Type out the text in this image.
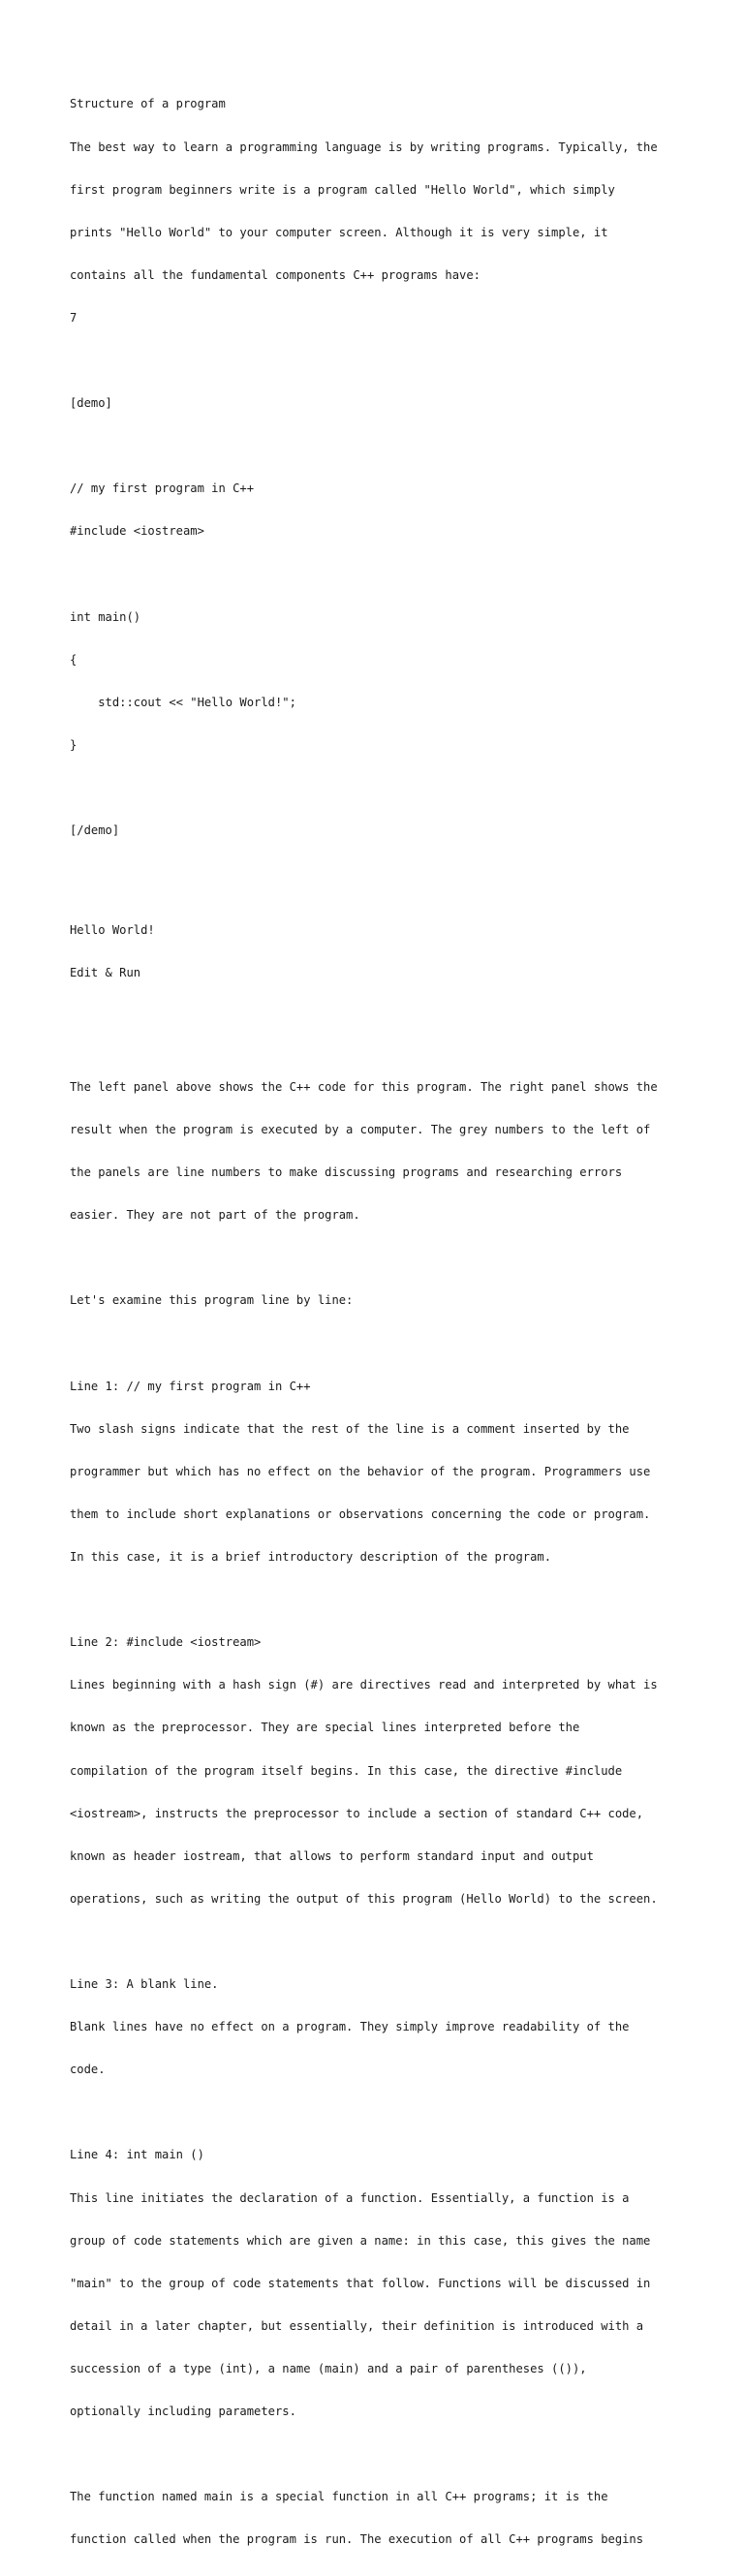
Structure of a program

The best way to learn a programming language is by writing programs. Typically, the

first program beginners write is a program called "Hello World", which simply

prints "Hello World" to your computer screen. Although it is very simple, it

contains all the fundamental components C++ programs have:

7

[demo]

// my first program in C++

#include <iostream>

int main()

{

std::cout << "Hello World!";

}

[/demo]

Hello World!

Edit & Run

The left panel above shows the C++ code for this program. The right panel shows the

result when the program is executed by a computer. The grey numbers to the left of

the panels are line numbers to make discussing programs and researching errors

easier. They are not part of the program.

Let's examine this program line by line:

Line 1: // my first program in C++

Two slash signs indicate that the rest of the line is a comment inserted by the

programmer but which has no effect on the behavior of the program. Programmers use

them to include short explanations or observations concerning the code or program.

In this case, it is a brief introductory description of the program.

Line 2: #include <iostream>

Lines beginning with a hash sign (#) are directives read and interpreted by what is

known as the preprocessor. They are special lines interpreted before the

compilation of the program itself begins. In this case, the directive #include

<iostream>, instructs the preprocessor to include a section of standard C++ code,

known as header iostream, that allows to perform standard input and output

operations, such as writing the output of this program (Hello World) to the screen.

Line 3: A blank line.

Blank lines have no effect on a program. They simply improve readability of the

code.

Line 4: int main ()

This line initiates the declaration of a function. Essentially, a function is a

group of code statements which are given a name: in this case, this gives the name

"main" to the group of code statements that follow. Functions will be discussed in

detail in a later chapter, but essentially, their definition is introduced with a

succession of a type (int), a name (main) and a pair of parentheses (()),

optionally including parameters.

The function named main is a special function in all C++ programs; it is the

function called when the program is run. The execution of all C++ programs begins
